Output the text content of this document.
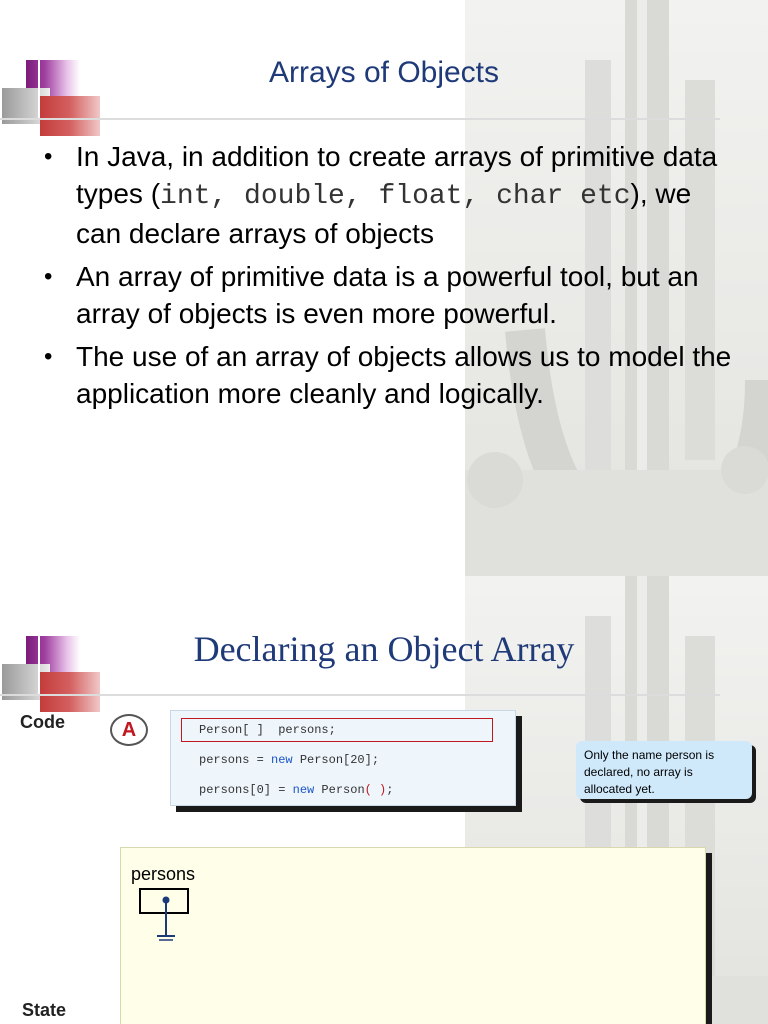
Arrays of Objects
• In Java, in addition to create arrays of primitive data types (int, double, float, char etc), we can declare arrays of objects
• An array of primitive data is a powerful tool, but an array of objects is even more powerful.
• The use of an array of objects allows us to model the application more cleanly and logically.
Declaring an Object Array
Code	A	Person[ ]  persons;
persons = new Person[20];
persons[0] = new Person( );
Only the name person is declared, no array is allocated yet.
persons
State
